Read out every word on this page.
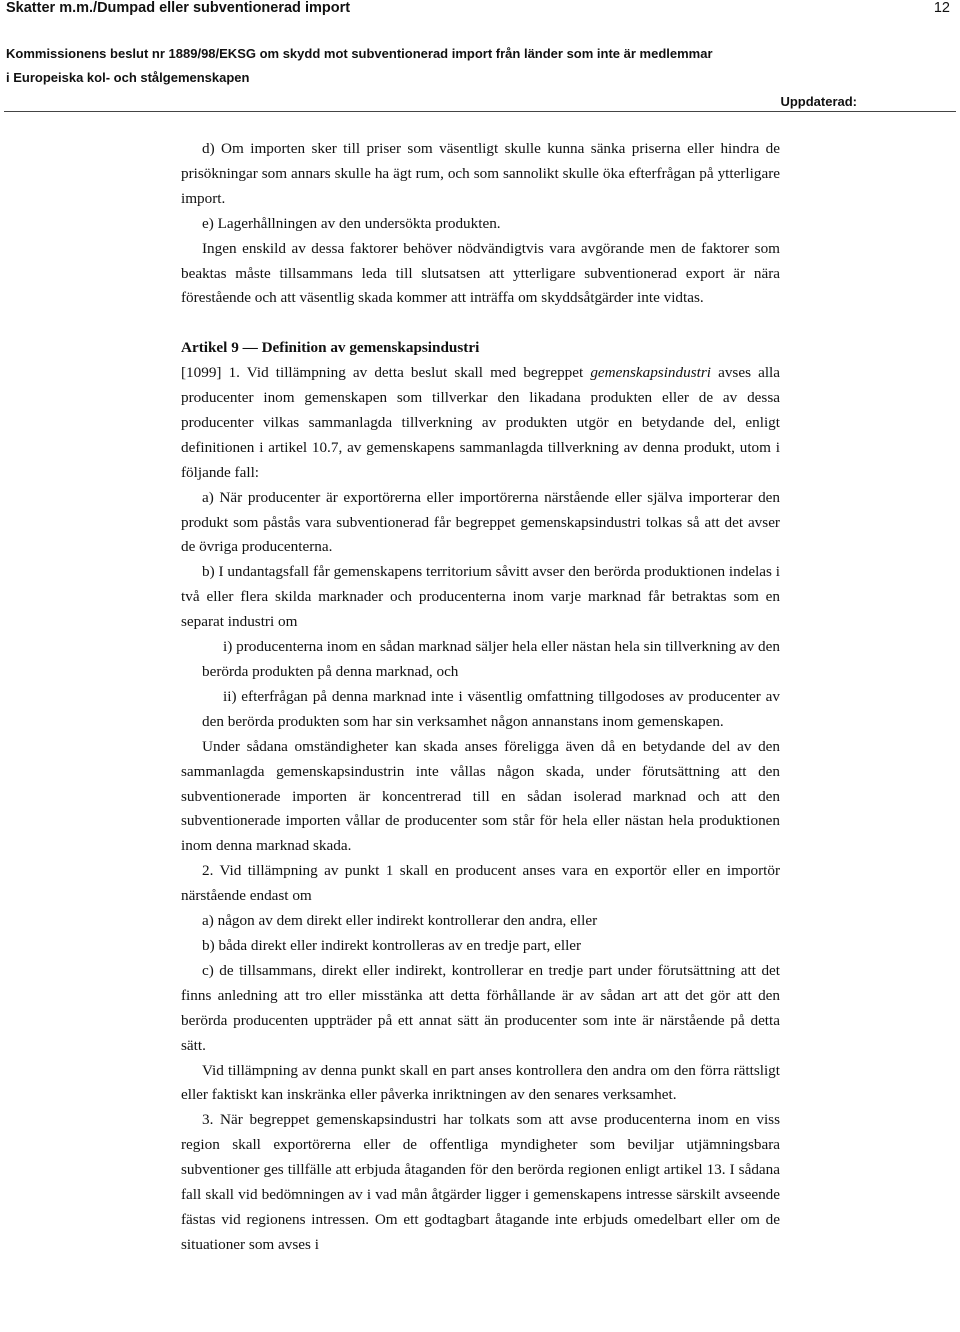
Skatter m.m./Dumpad eller subventionerad import	12
Kommissionens beslut nr 1889/98/EKSG om skydd mot subventionerad import från länder som inte är medlemmar
i Europeiska kol- och stålgemenskapen
Uppdaterad:

d) Om importen sker till priser som väsentligt skulle kunna sänka priserna eller hindra de prisökningar som annars skulle ha ägt rum, och som sannolikt skulle öka efterfrågan på ytterligare import.

e) Lagerhållningen av den undersökta produkten.

Ingen enskild av dessa faktorer behöver nödvändigtvis vara avgörande men de faktorer som beaktas måste tillsammans leda till slutsatsen att ytterligare subventionerad export är nära förestående och att väsentlig skada kommer att inträffa om skyddsåtgärder inte vidtas.

Artikel 9 — Definition av gemenskapsindustri

[1099] 1. Vid tillämpning av detta beslut skall med begreppet gemenskapsindustri avses alla producenter inom gemenskapen som tillverkar den likadana produkten eller de av dessa producenter vilkas sammanlagda tillverkning av produkten utgör en betydande del, enligt definitionen i artikel 10.7, av gemenskapens sammanlagda tillverkning av denna produkt, utom i följande fall:

a) När producenter är exportörerna eller importörerna närstående eller själva importerar den produkt som påstås vara subventionerad får begreppet gemenskapsindustri tolkas så att det avser de övriga producenterna.

b) I undantagsfall får gemenskapens territorium såvitt avser den berörda produktionen indelas i två eller flera skilda marknader och producenterna inom varje marknad får betraktas som en separat industri om

i) producenterna inom en sådan marknad säljer hela eller nästan hela sin tillverkning av den berörda produkten på denna marknad, och

ii) efterfrågan på denna marknad inte i väsentlig omfattning tillgodoses av producenter av den berörda produkten som har sin verksamhet någon annanstans inom gemenskapen.

Under sådana omständigheter kan skada anses föreligga även då en betydande del av den sammanlagda gemenskapsindustrin inte vållas någon skada, under förutsättning att den subventionerade importen är koncentrerad till en sådan isolerad marknad och att den subventionerade importen vållar de producenter som står för hela eller nästan hela produktionen inom denna marknad skada.

2. Vid tillämpning av punkt 1 skall en producent anses vara en exportör eller en importör närstående endast om

a) någon av dem direkt eller indirekt kontrollerar den andra, eller

b) båda direkt eller indirekt kontrolleras av en tredje part, eller

c) de tillsammans, direkt eller indirekt, kontrollerar en tredje part under förutsättning att det finns anledning att tro eller misstänka att detta förhållande är av sådan art att det gör att den berörda producenten uppträder på ett annat sätt än producenter som inte är närstående på detta sätt.

Vid tillämpning av denna punkt skall en part anses kontrollera den andra om den förra rättsligt eller faktiskt kan inskränka eller påverka inriktningen av den senares verksamhet.

3. När begreppet gemenskapsindustri har tolkats som att avse producenterna inom en viss region skall exportörerna eller de offentliga myndigheter som beviljar utjämningsbara subventioner ges tillfälle att erbjuda åtaganden för den berörda regionen enligt artikel 13. I sådana fall skall vid bedömningen av i vad mån åtgärder ligger i gemenskapens intresse särskilt avseende fästas vid regionens intressen. Om ett godtagbart åtagande inte erbjuds omedelbart eller om de situationer som avses i
